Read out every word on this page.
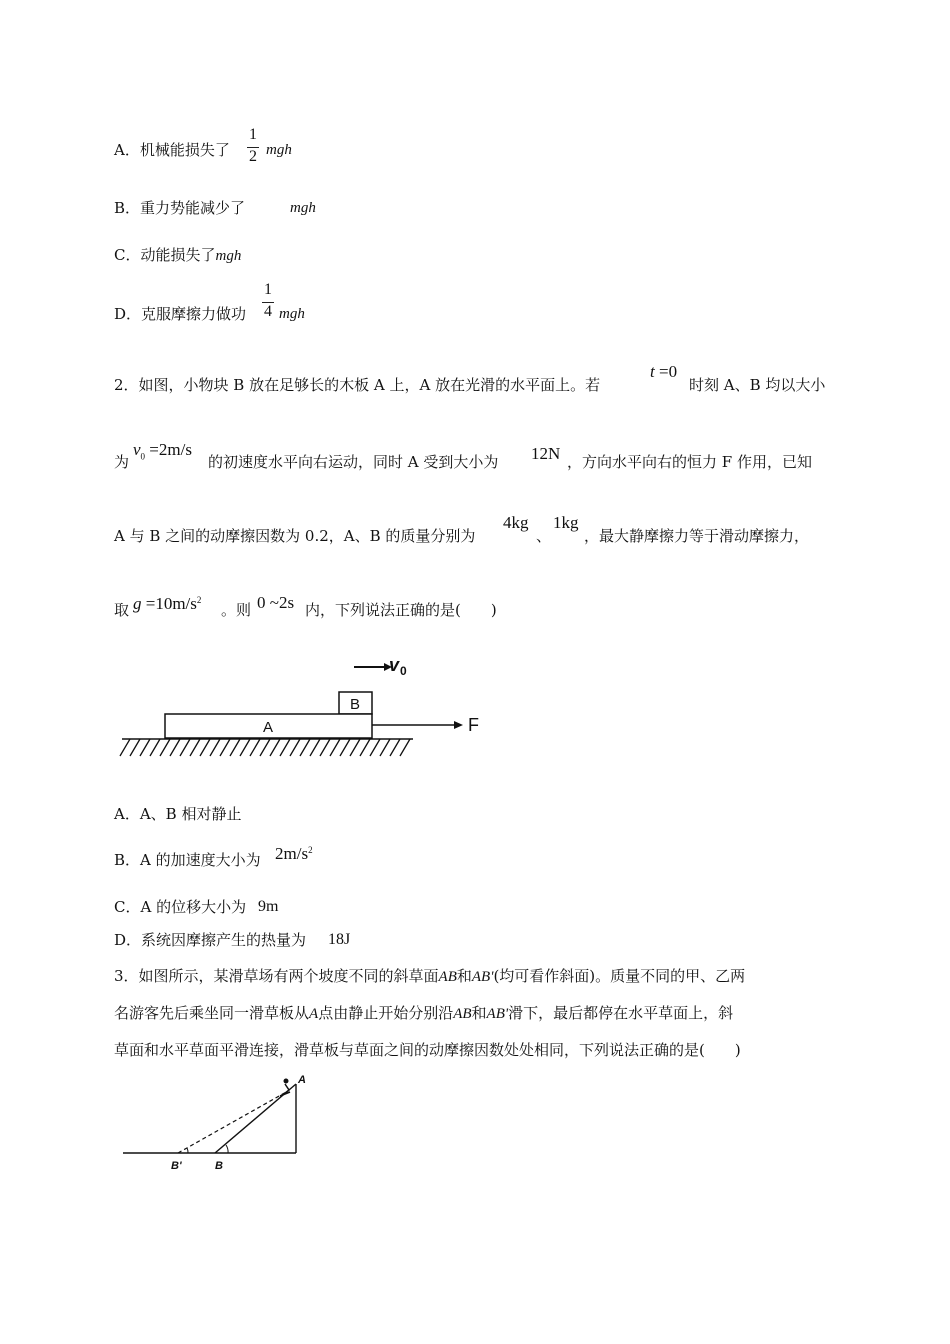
A．机械能损失了
1
2 mgh
B．重力势能减少了	mgh
C．动能损失了mgh
1
D．克服摩擦力做功 4 mgh
2．如图，小物块 B 放在足够长的木板 A 上，A 放在光滑的水平面上。若
t =0
时刻 A、B 均以大小
为
$v_0 =2m/s$
的初速度水平向右运动，同时 A 受到大小为 12N ，方向水平向右的恒力 F 作用，已知
A 与 B 之间的动摩擦因数为 0.2，A、B 的质量分别为
4kg
、
1kg
，最大静摩擦力等于滑动摩擦力，
取 $g =10m/s^2$
。则 0 ~2s 内，下列说法正确的是(　　)
v 0
B
A	F
A．A、B 相对静止
B．A 的加速度大小为 $2m/s^2$
C．A 的位移大小为 9m
D．系统因摩擦产生的热量为 18J
3．如图所示，某滑草场有两个坡度不同的斜草面AB和AB'(均可看作斜面)。质量不同的甲、乙两
名游客先后乘坐同一滑草板从A点由静止开始分别沿AB和AB'滑下，最后都停在水平草面上，斜
草面和水平草面平滑连接，滑草板与草面之间的动摩擦因数处处相同，下列说法正确的是(　　)
A
B
B'
